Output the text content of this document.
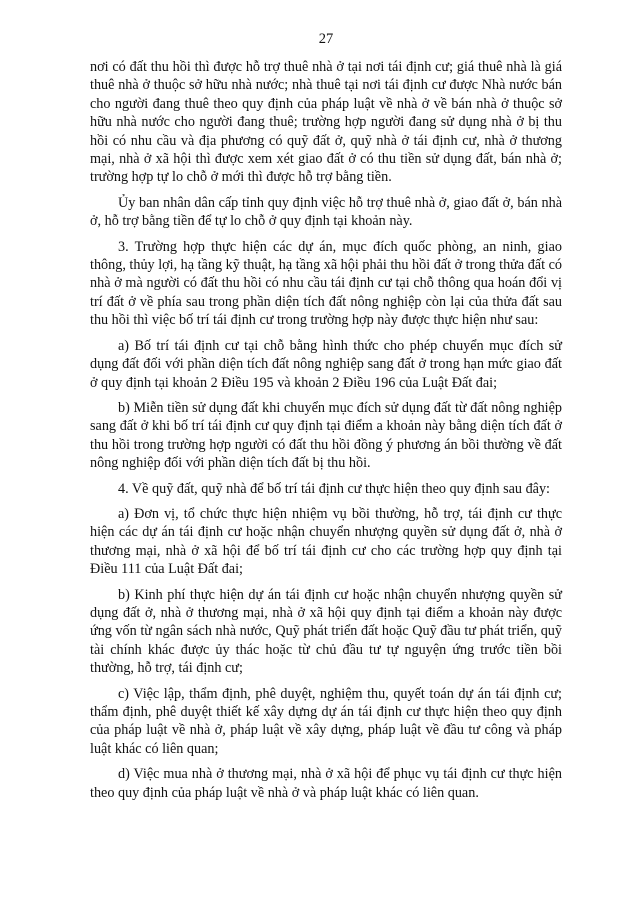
27

nơi có đất thu hồi thì được hỗ trợ thuê nhà ở tại nơi tái định cư; giá thuê nhà là giá thuê nhà ở thuộc sở hữu nhà nước; nhà thuê tại nơi tái định cư được Nhà nước bán cho người đang thuê theo quy định của pháp luật về nhà ở về bán nhà ở thuộc sở hữu nhà nước cho người đang thuê; trường hợp người đang sử dụng nhà ở bị thu hồi có nhu cầu và địa phương có quỹ đất ở, quỹ nhà ở tái định cư, nhà ở thương mại, nhà ở xã hội thì được xem xét giao đất ở có thu tiền sử dụng đất, bán nhà ở; trường hợp tự lo chỗ ở mới thì được hỗ trợ bằng tiền.

Ủy ban nhân dân cấp tỉnh quy định việc hỗ trợ thuê nhà ở, giao đất ở, bán nhà ở, hỗ trợ bằng tiền để tự lo chỗ ở quy định tại khoản này.

3. Trường hợp thực hiện các dự án, mục đích quốc phòng, an ninh, giao thông, thủy lợi, hạ tầng kỹ thuật, hạ tầng xã hội phải thu hồi đất ở trong thửa đất có nhà ở mà người có đất thu hồi có nhu cầu tái định cư tại chỗ thông qua hoán đổi vị trí đất ở về phía sau trong phần diện tích đất nông nghiệp còn lại của thửa đất sau thu hồi thì việc bố trí tái định cư trong trường hợp này được thực hiện như sau:

a) Bố trí tái định cư tại chỗ bằng hình thức cho phép chuyển mục đích sử dụng đất đối với phần diện tích đất nông nghiệp sang đất ở trong hạn mức giao đất ở quy định tại khoản 2 Điều 195 và khoản 2 Điều 196 của Luật Đất đai;

b) Miễn tiền sử dụng đất khi chuyển mục đích sử dụng đất từ đất nông nghiệp sang đất ở khi bố trí tái định cư quy định tại điểm a khoản này bằng diện tích đất ở thu hồi trong trường hợp người có đất thu hồi đồng ý phương án bồi thường về đất nông nghiệp đối với phần diện tích đất bị thu hồi.

4. Về quỹ đất, quỹ nhà để bố trí tái định cư thực hiện theo quy định sau đây:

a) Đơn vị, tổ chức thực hiện nhiệm vụ bồi thường, hỗ trợ, tái định cư thực hiện các dự án tái định cư hoặc nhận chuyển nhượng quyền sử dụng đất ở, nhà ở thương mại, nhà ở xã hội để bố trí tái định cư cho các trường hợp quy định tại Điều 111 của Luật Đất đai;

b) Kinh phí thực hiện dự án tái định cư hoặc nhận chuyển nhượng quyền sử dụng đất ở, nhà ở thương mại, nhà ở xã hội quy định tại điểm a khoản này được ứng vốn từ ngân sách nhà nước, Quỹ phát triển đất hoặc Quỹ đầu tư phát triển, quỹ tài chính khác được ủy thác hoặc từ chủ đầu tư tự nguyện ứng trước tiền bồi thường, hỗ trợ, tái định cư;

c) Việc lập, thẩm định, phê duyệt, nghiệm thu, quyết toán dự án tái định cư; thẩm định, phê duyệt thiết kế xây dựng dự án tái định cư thực hiện theo quy định của pháp luật về nhà ở, pháp luật về xây dựng, pháp luật về đầu tư công và pháp luật khác có liên quan;

d) Việc mua nhà ở thương mại, nhà ở xã hội để phục vụ tái định cư thực hiện theo quy định của pháp luật về nhà ở và pháp luật khác có liên quan.
